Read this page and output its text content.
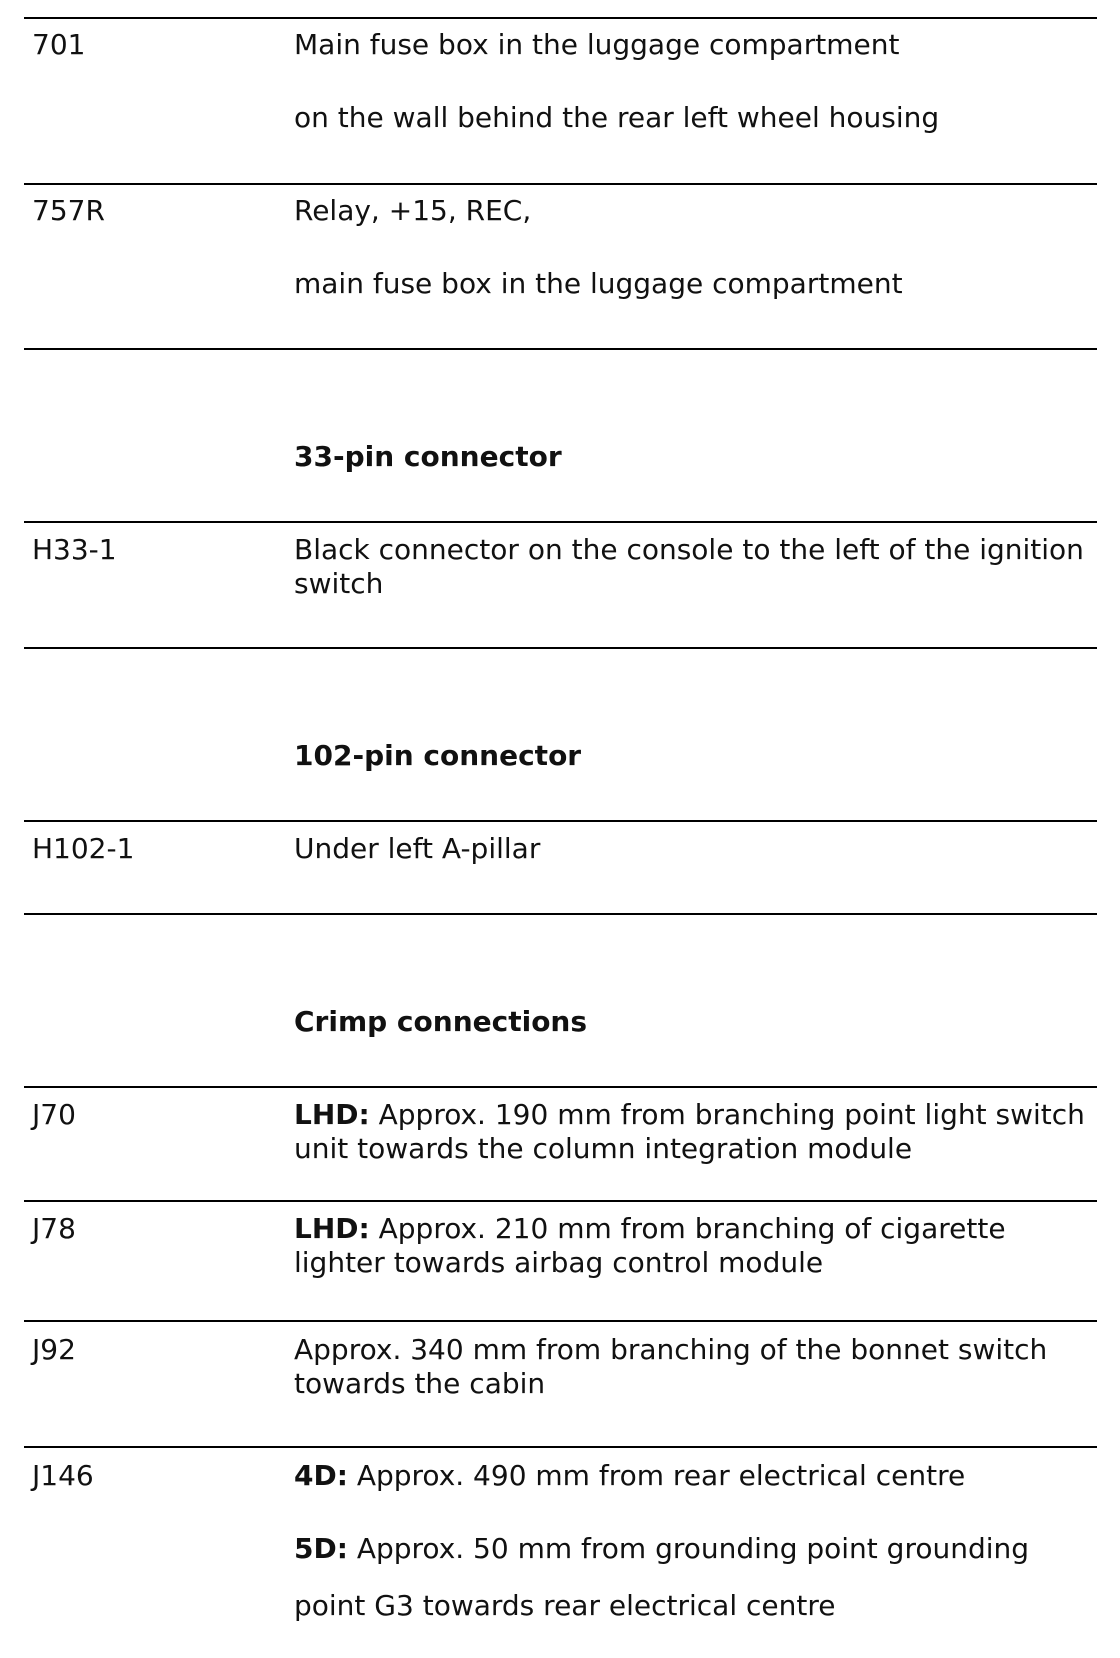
701	Main fuse box in the luggage compartment
on the wall behind the rear left wheel housing
757R	Relay, +15, REC,
main fuse box in the luggage compartment
33-pin connector
H33-1	Black connector on the console to the left of the ignition switch
102-pin connector
H102-1	Under left A-pillar
Crimp connections
J70	LHD: Approx. 190 mm from branching point light switch unit towards the column integration module
J78	LHD: Approx. 210 mm from branching of cigarette lighter towards airbag control module
J92	Approx. 340 mm from branching of the bonnet switch towards the cabin
J146	4D: Approx. 490 mm from rear electrical centre
5D: Approx. 50 mm from grounding point grounding
point G3 towards rear electrical centre
